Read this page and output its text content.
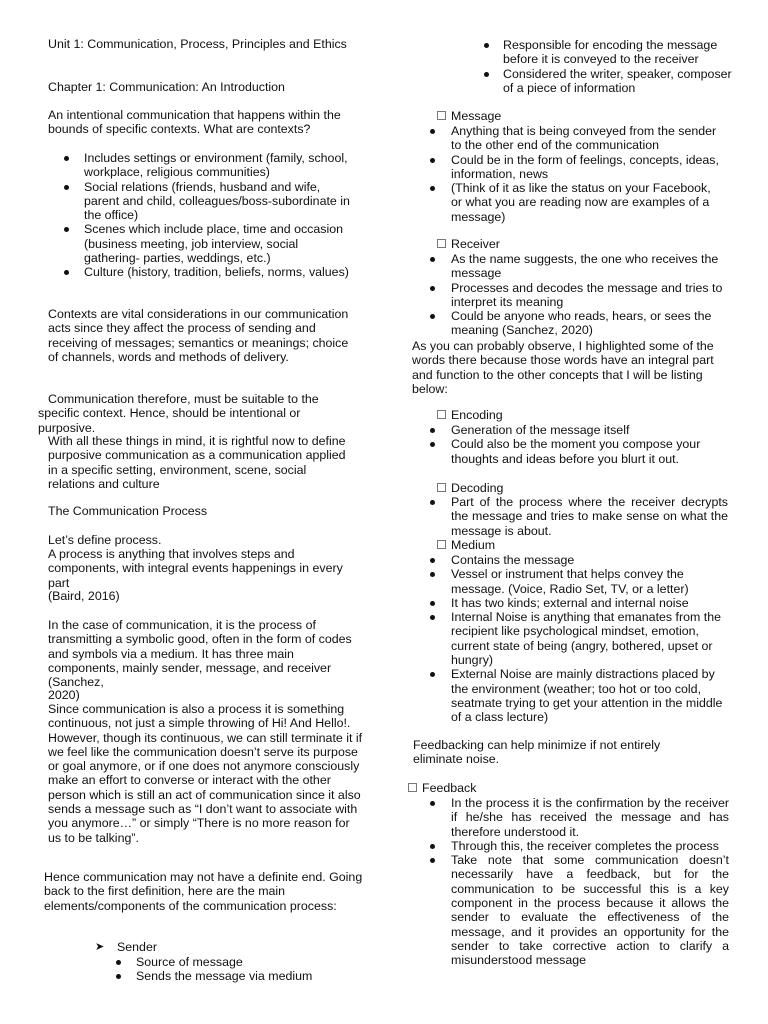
Unit 1: Communication, Process, Principles and Ethics

Chapter 1: Communication: An Introduction

An intentional communication that happens within the bounds of specific contexts. What are contexts?

Includes settings or environment (family, school, workplace, religious communities)
Social relations (friends, husband and wife, parent and child, colleagues/boss-subordinate in the office)
Scenes which include place, time and occasion (business meeting, job interview, social gathering- parties, weddings, etc.)
Culture (history, tradition, beliefs, norms, values)

Contexts are vital considerations in our communication acts since they affect the process of sending and receiving of messages; semantics or meanings; choice of channels, words and methods of delivery.

Communication therefore, must be suitable to the specific context. Hence, should be intentional or purposive.

With all these things in mind, it is rightful now to define purposive communication as a communication applied in a specific setting, environment, scene, social relations and culture

The Communication Process

Let’s define process.

A process is anything that involves steps and components, with integral events happenings in every part

(Baird, 2016)

In the case of communication, it is the process of transmitting a symbolic good, often in the form of codes and symbols via a medium. It has three main components, mainly sender, message, and receiver (Sanchez,

2020)

Since communication is also a process it is something continuous, not just a simple throwing of Hi! And Hello!. However, though its continuous, we can still terminate it if we feel like the communication doesn’t serve its purpose or goal anymore, or if one does not anymore consciously make an effort to converse or interact with the other person which is still an act of communication since it also sends a message such as “I don’t want to associate with you anymore…” or simply “There is no more reason for us to be talking”.

Hence communication may not have a definite end. Going back to the first definition, here are the main elements/components of the communication process:

➤ Sender

Source of message
Sends the message via medium
Responsible for encoding the message before it is conveyed to the receiver
Considered the writer, speaker, composer of a piece of information

Message

Anything that is being conveyed from the sender to the other end of the communication
Could be in the form of feelings, concepts, ideas, information, news
(Think of it as like the status on your Facebook, or what you are reading now are examples of a message)

Receiver

As the name suggests, the one who receives the message
Processes and decodes the message and tries to interpret its meaning
Could be anyone who reads, hears, or sees the meaning (Sanchez, 2020)

As you can probably observe, I highlighted some of the words there because those words have an integral part and function to the other concepts that I will be listing below:

Encoding

Generation of the message itself
Could also be the moment you compose your thoughts and ideas before you blurt it out.

Decoding

Part of the process where the receiver decrypts the message and tries to make sense on what the message is about.

Medium

Contains the message
Vessel or instrument that helps convey the message. (Voice, Radio Set, TV, or a letter)
It has two kinds; external and internal noise
Internal Noise is anything that emanates from the recipient like psychological mindset, emotion, current state of being (angry, bothered, upset or hungry)
External Noise are mainly distractions placed by the environment (weather; too hot or too cold, seatmate trying to get your attention in the middle of a class lecture)

Feedbacking can help minimize if not entirely eliminate noise.

Feedback

In the process it is the confirmation by the receiver if he/she has received the message and has therefore understood it.
Through this, the receiver completes the process
Take note that some communication doesn’t necessarily have a feedback, but for the communication to be successful this is a key component in the process because it allows the sender to evaluate the effectiveness of the message, and it provides an opportunity for the sender to take corrective action to clarify a misunderstood message
